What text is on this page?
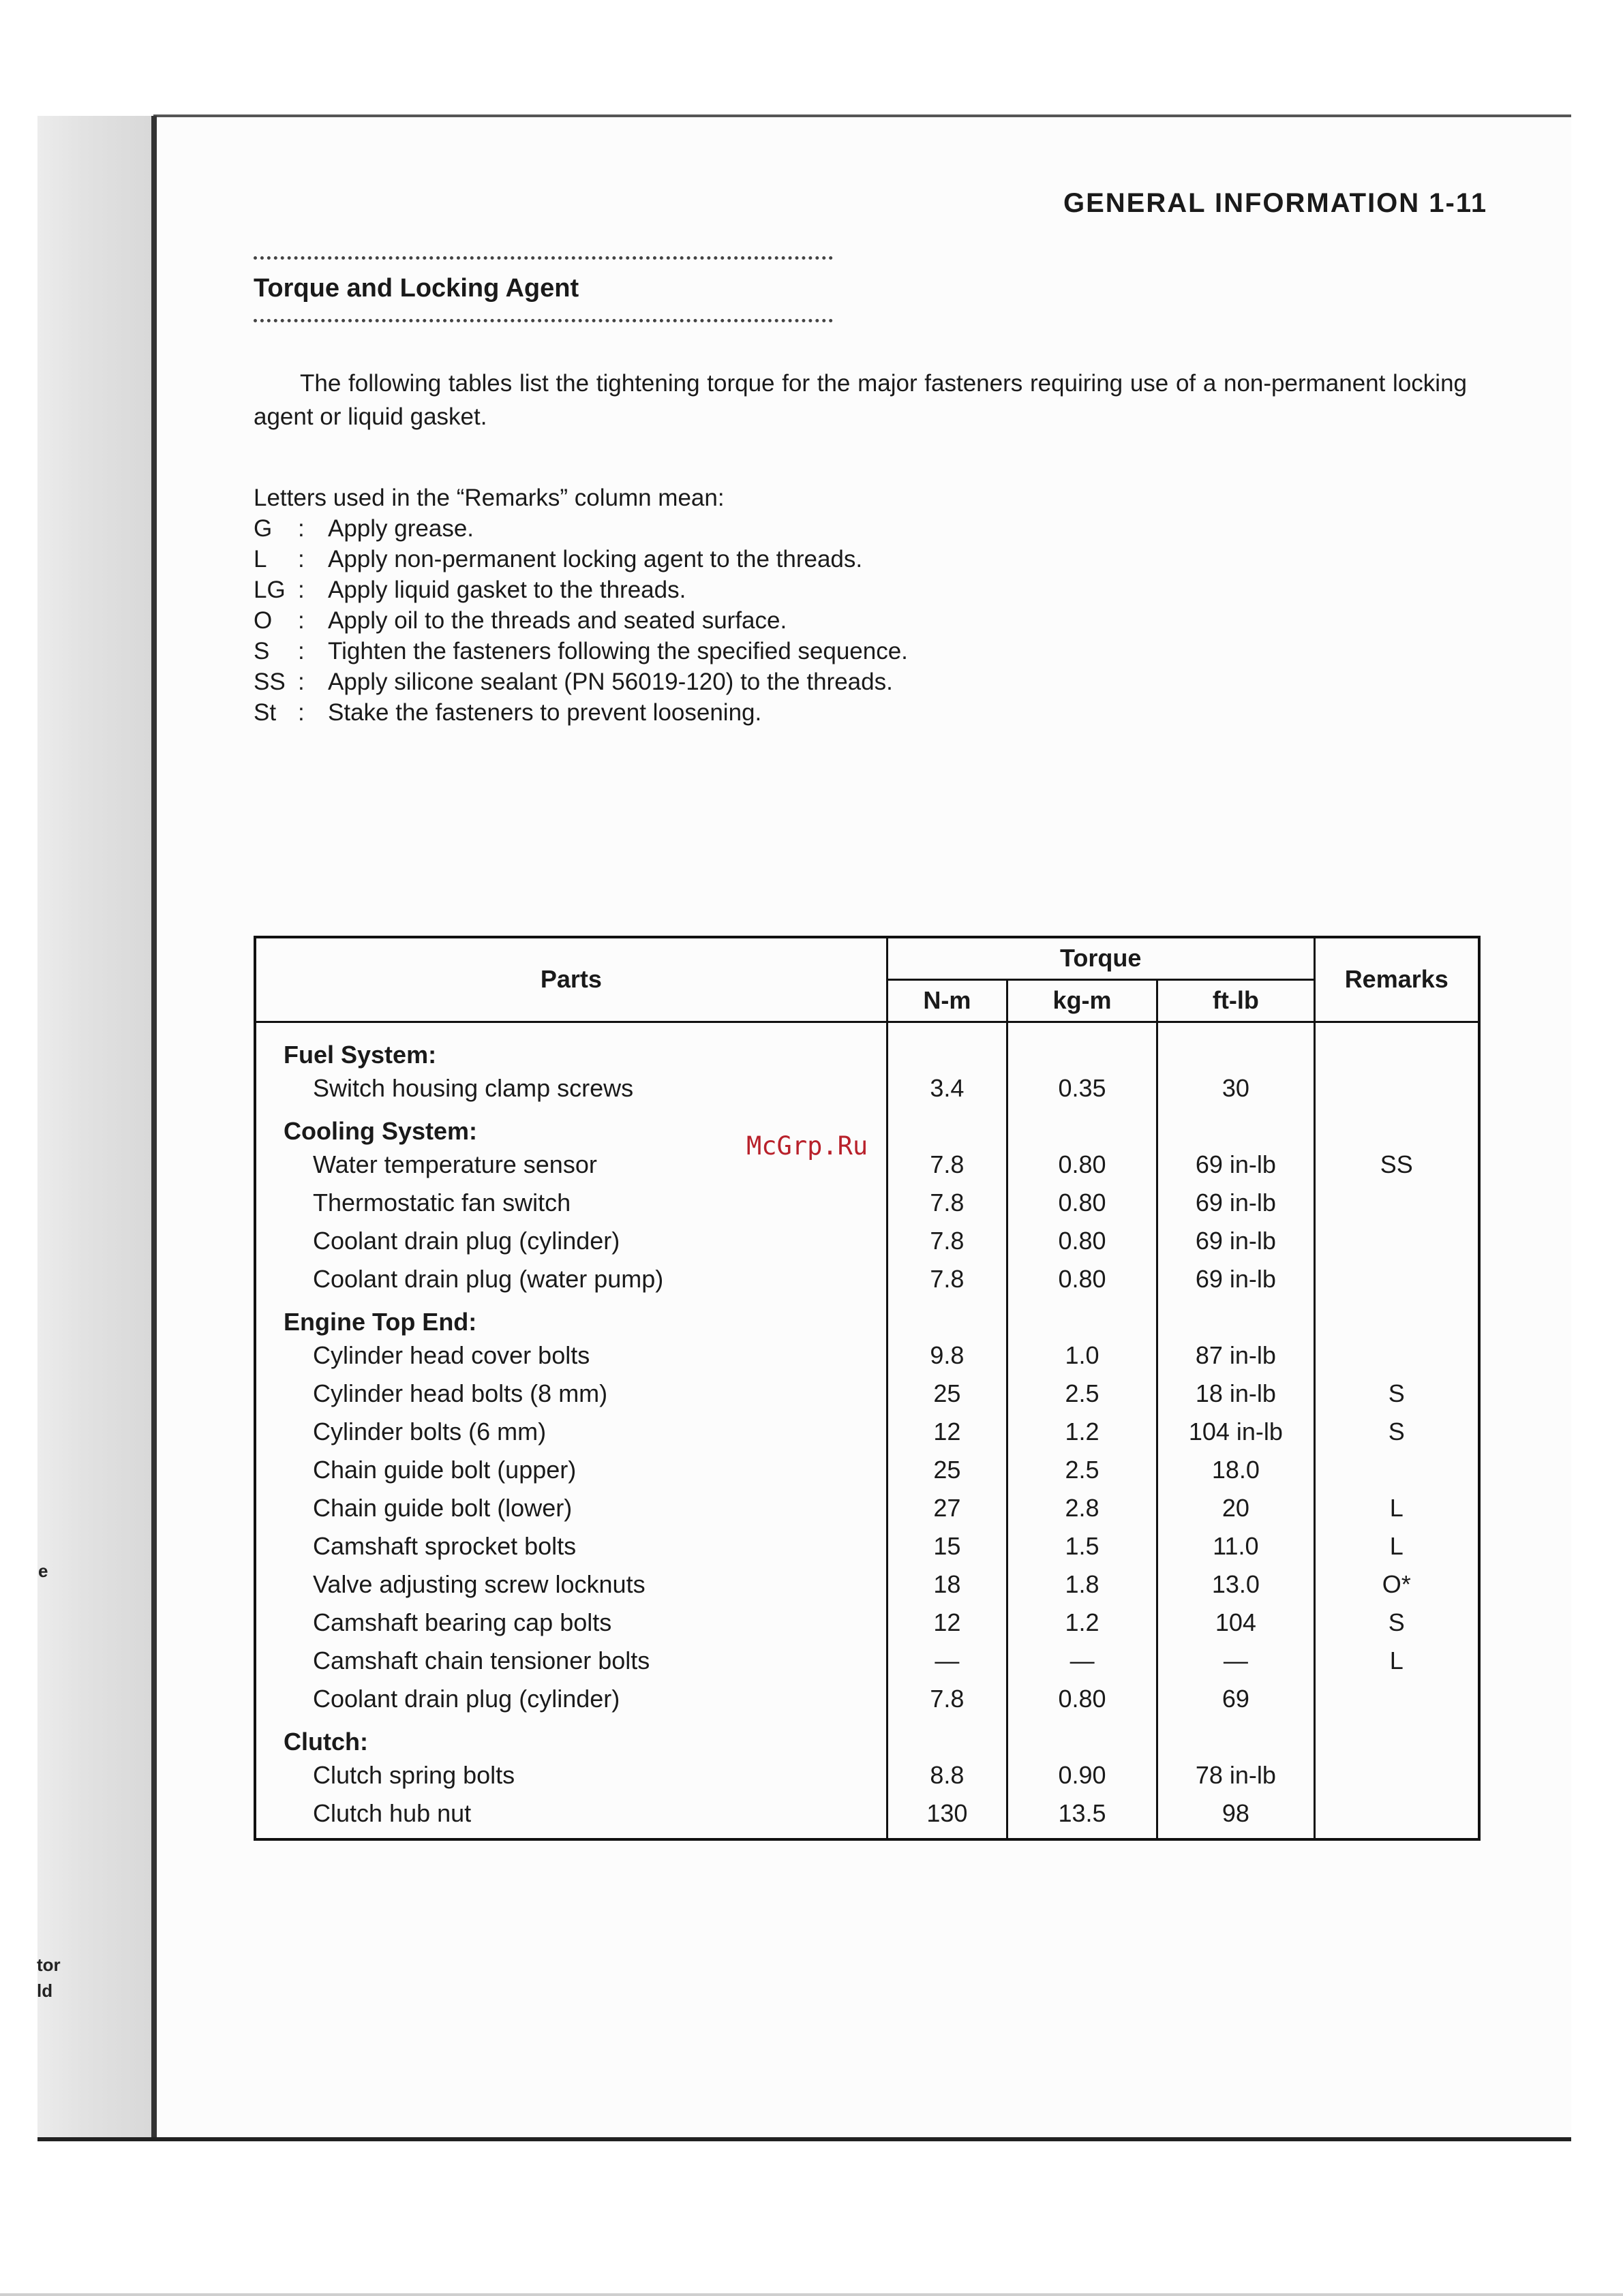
e
tor
ld
GENERAL INFORMATION 1-11
Torque and Locking Agent
The following tables list the tightening torque for the major fasteners requiring use of a non-permanent locking agent or liquid gasket.
Letters used in the “Remarks” column mean:
G	: Apply grease.
L	: Apply non-permanent locking agent to the threads.
LG : Apply liquid gasket to the threads.
O	: Apply oil to the threads and seated surface.
S	: Tighten the fasteners following the specified sequence.
SS : Apply silicone sealant (PN 56019-120) to the threads.
St : Stake the fasteners to prevent loosening.
McGrp.Ru
Parts	Torque			Remarks
	N-m	kg-m	ft-lb	
Fuel System:				
Switch housing clamp screws	3.4	0.35	30	
Cooling System:				
Water temperature sensor	7.8	0.80	69 in-lb	SS
Thermostatic fan switch	7.8	0.80	69 in-lb	
Coolant drain plug (cylinder)	7.8	0.80	69 in-lb	
Coolant drain plug (water pump)	7.8	0.80	69 in-lb	
Engine Top End:				
Cylinder head cover bolts	9.8	1.0	87 in-lb	
Cylinder head bolts (8 mm)	25	2.5	18 in-lb	S
Cylinder bolts (6 mm)	12	1.2	104 in-lb	S
Chain guide bolt (upper)	25	2.5	18.0	
Chain guide bolt (lower)	27	2.8	20	L
Camshaft sprocket bolts	15	1.5	11.0	L
Valve adjusting screw locknuts	18	1.8	13.0	O*
Camshaft bearing cap bolts	12	1.2	104	S
Camshaft chain tensioner bolts	—	—	—	L
Coolant drain plug (cylinder)	7.8	0.80	69	
Clutch:				
Clutch spring bolts	8.8	0.90	78 in-lb	
Clutch hub nut	130	13.5	98	
